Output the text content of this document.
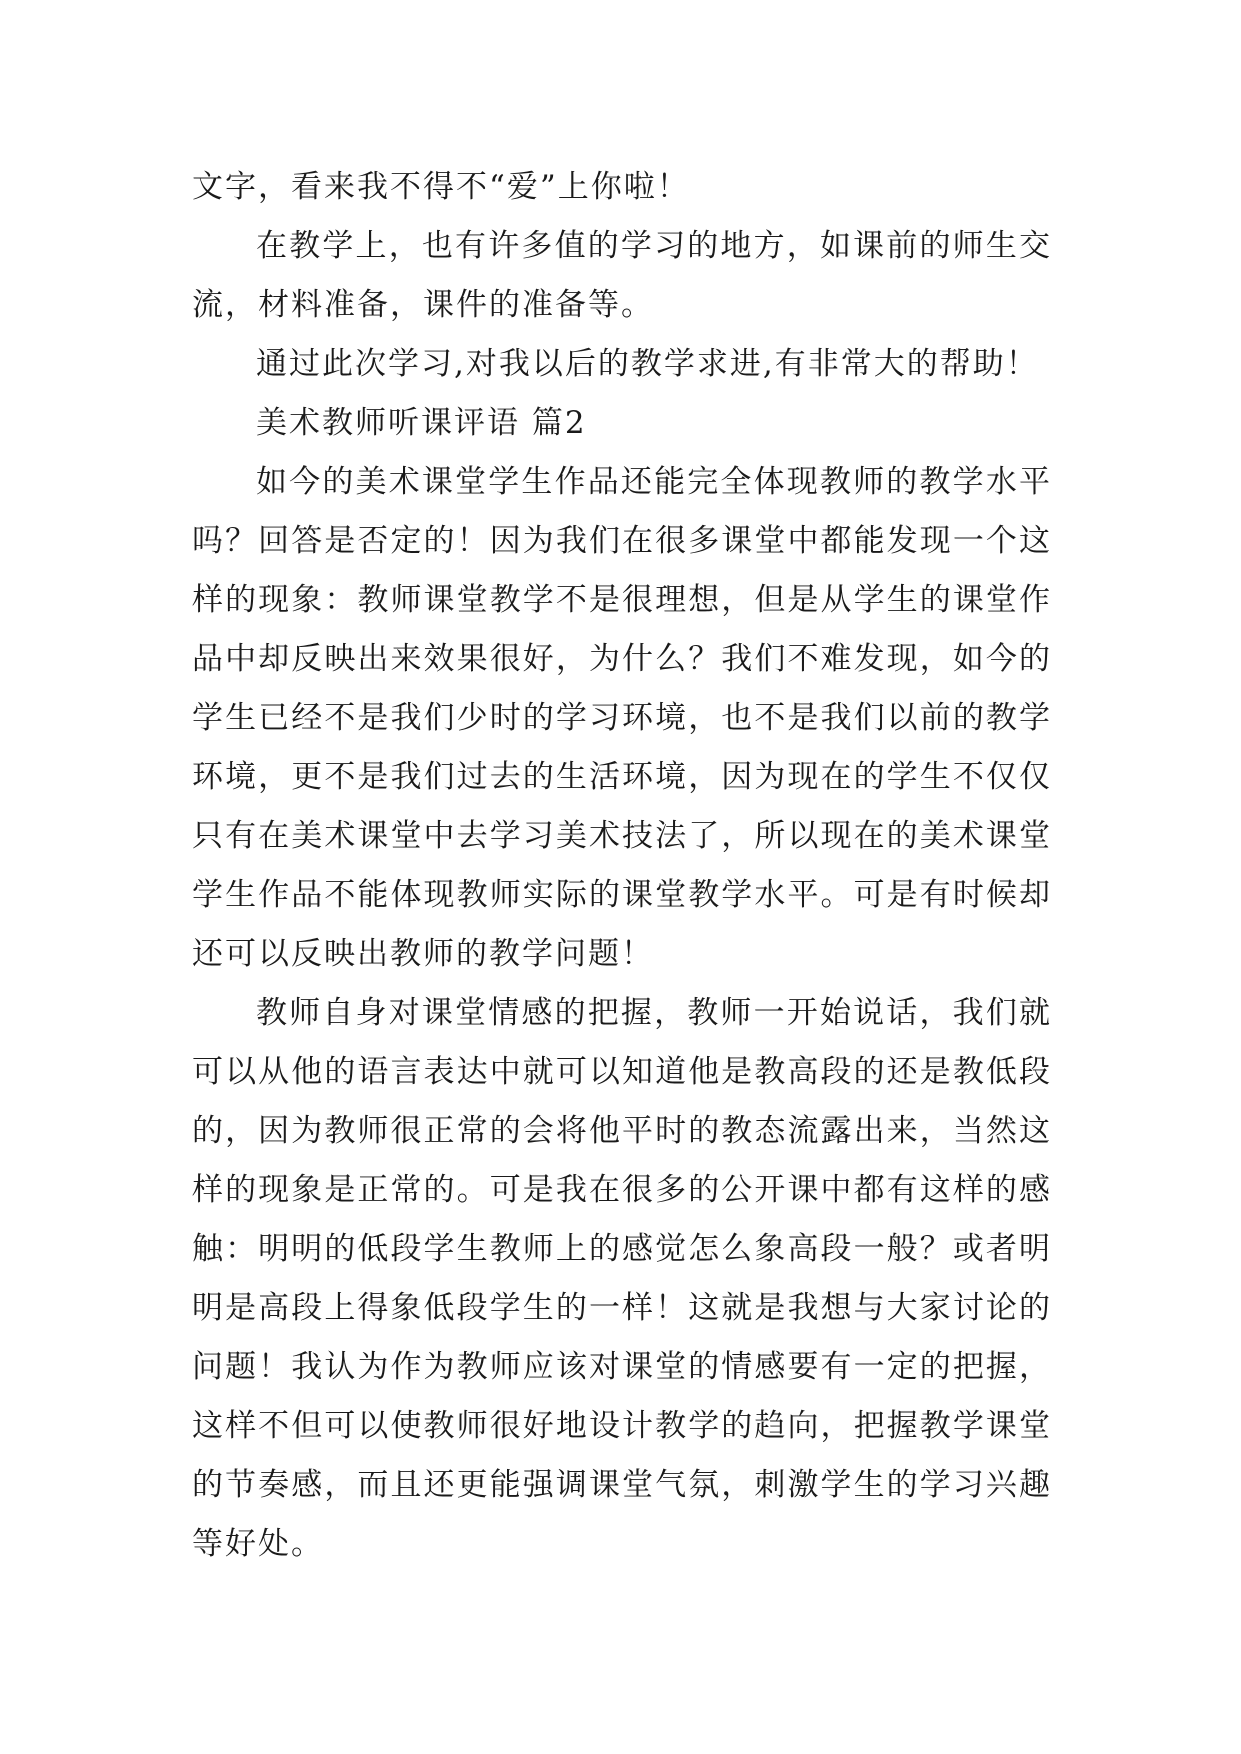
文字，看来我不得不“爱”上你啦！

在教学上，也有许多值的学习的地方，如课前的师生交流，材料准备，课件的准备等。

通过此次学习,对我以后的教学求进,有非常大的帮助！

美术教师听课评语 篇2

如今的美术课堂学生作品还能完全体现教师的教学水平吗？回答是否定的！因为我们在很多课堂中都能发现一个这样的现象：教师课堂教学不是很理想，但是从学生的课堂作品中却反映出来效果很好，为什么？我们不难发现，如今的学生已经不是我们少时的学习环境，也不是我们以前的教学环境，更不是我们过去的生活环境，因为现在的学生不仅仅只有在美术课堂中去学习美术技法了，所以现在的美术课堂学生作品不能体现教师实际的课堂教学水平。可是有时候却还可以反映出教师的教学问题！

教师自身对课堂情感的把握，教师一开始说话，我们就可以从他的语言表达中就可以知道他是教高段的还是教低段的，因为教师很正常的会将他平时的教态流露出来，当然这样的现象是正常的。可是我在很多的公开课中都有这样的感触：明明的低段学生教师上的感觉怎么象高段一般？或者明明是高段上得象低段学生的一样！这就是我想与大家讨论的问题！我认为作为教师应该对课堂的情感要有一定的把握，这样不但可以使教师很好地设计教学的趋向，把握教学课堂的节奏感，而且还更能强调课堂气氛，刺激学生的学习兴趣等好处。
